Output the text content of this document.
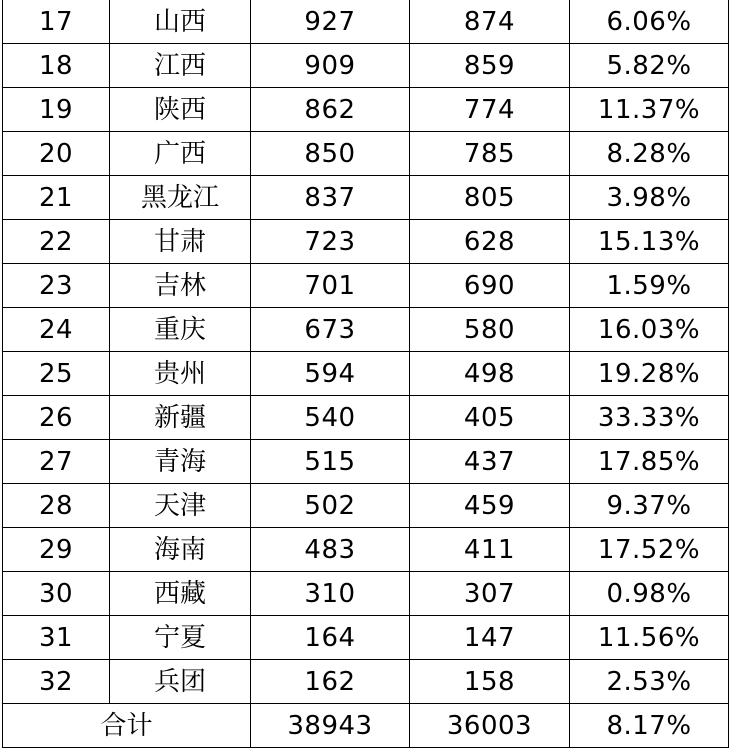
17	山西	927	874	6.06%
18	江西	909	859	5.82%
19	陕西	862	774	11.37%
20	广西	850	785	8.28%
21	黑龙江	837	805	3.98%
22	甘肃	723	628	15.13%
23	吉林	701	690	1.59%
24	重庆	673	580	16.03%
25	贵州	594	498	19.28%
26	新疆	540	405	33.33%
27	青海	515	437	17.85%
28	天津	502	459	9.37%
29	海南	483	411	17.52%
30	西藏	310	307	0.98%
31	宁夏	164	147	11.56%
32	兵团	162	158	2.53%
合计		38943	36003	8.17%
